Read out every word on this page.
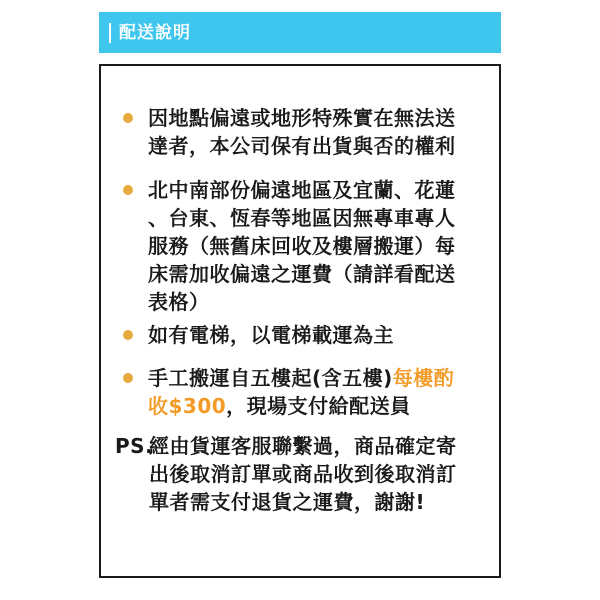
配送說明
因地點偏遠或地形特殊實在無法送
達者，本公司保有出貨與否的權利
北中南部份偏遠地區及宜蘭、花蓮
、台東、恆春等地區因無專車專人
服務（無舊床回收及樓層搬運）每
床需加收偏遠之運費（請詳看配送
表格）
如有電梯，以電梯載運為主
手工搬運自五樓起(含五樓)每樓酌
收$300，現場支付給配送員
PS.
經由貨運客服聯繫過，商品確定寄
出後取消訂單或商品收到後取消訂
單者需支付退貨之運費，謝謝!
